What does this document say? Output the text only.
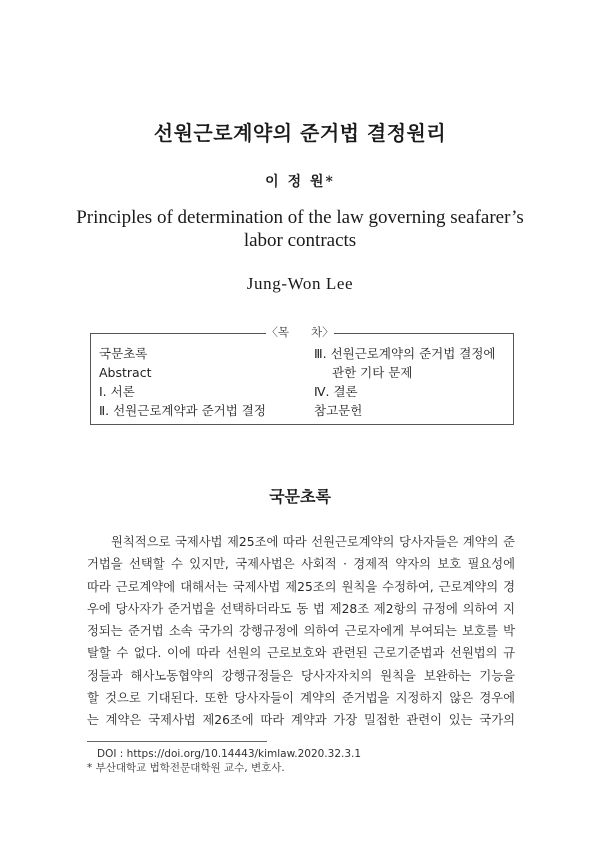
선원근로계약의 준거법 결정원리

이 정 원*

Principles of determination of the law governing seafarer’s labor contracts

Jung-Won Lee

〈목      차〉
국문초록
Abstract
Ⅰ. 서론
Ⅱ. 선원근로계약과 준거법 결정
Ⅲ. 선원근로계약의 준거법 결정에
관한 기타 문제
Ⅳ. 결론
참고문헌
국문초록

원칙적으로 국제사법 제25조에 따라 선원근로계약의 당사자들은 계약의 준
거법을 선택할 수 있지만, 국제사법은 사회적 · 경제적 약자의 보호 필요성에
따라 근로계약에 대해서는 국제사법 제25조의 원칙을 수정하여, 근로계약의 경
우에 당사자가 준거법을 선택하더라도 동 법 제28조 제2항의 규정에 의하여 지
정되는 준거법 소속 국가의 강행규정에 의하여 근로자에게 부여되는 보호를 박
탈할 수 없다. 이에 따라 선원의 근로보호와 관련된 근로기준법과 선원법의 규
정들과 해사노동협약의 강행규정들은 당사자자치의 원칙을 보완하는 기능을
할 것으로 기대된다. 또한 당사자들이 계약의 준거법을 지정하지 않은 경우에
는 계약은 국제사법 제26조에 따라 계약과 가장 밀접한 관련이 있는 국가의

DOI : https://doi.org/10.14443/kimlaw.2020.32.3.1
* 부산대학교 법학전문대학원 교수, 변호사.
